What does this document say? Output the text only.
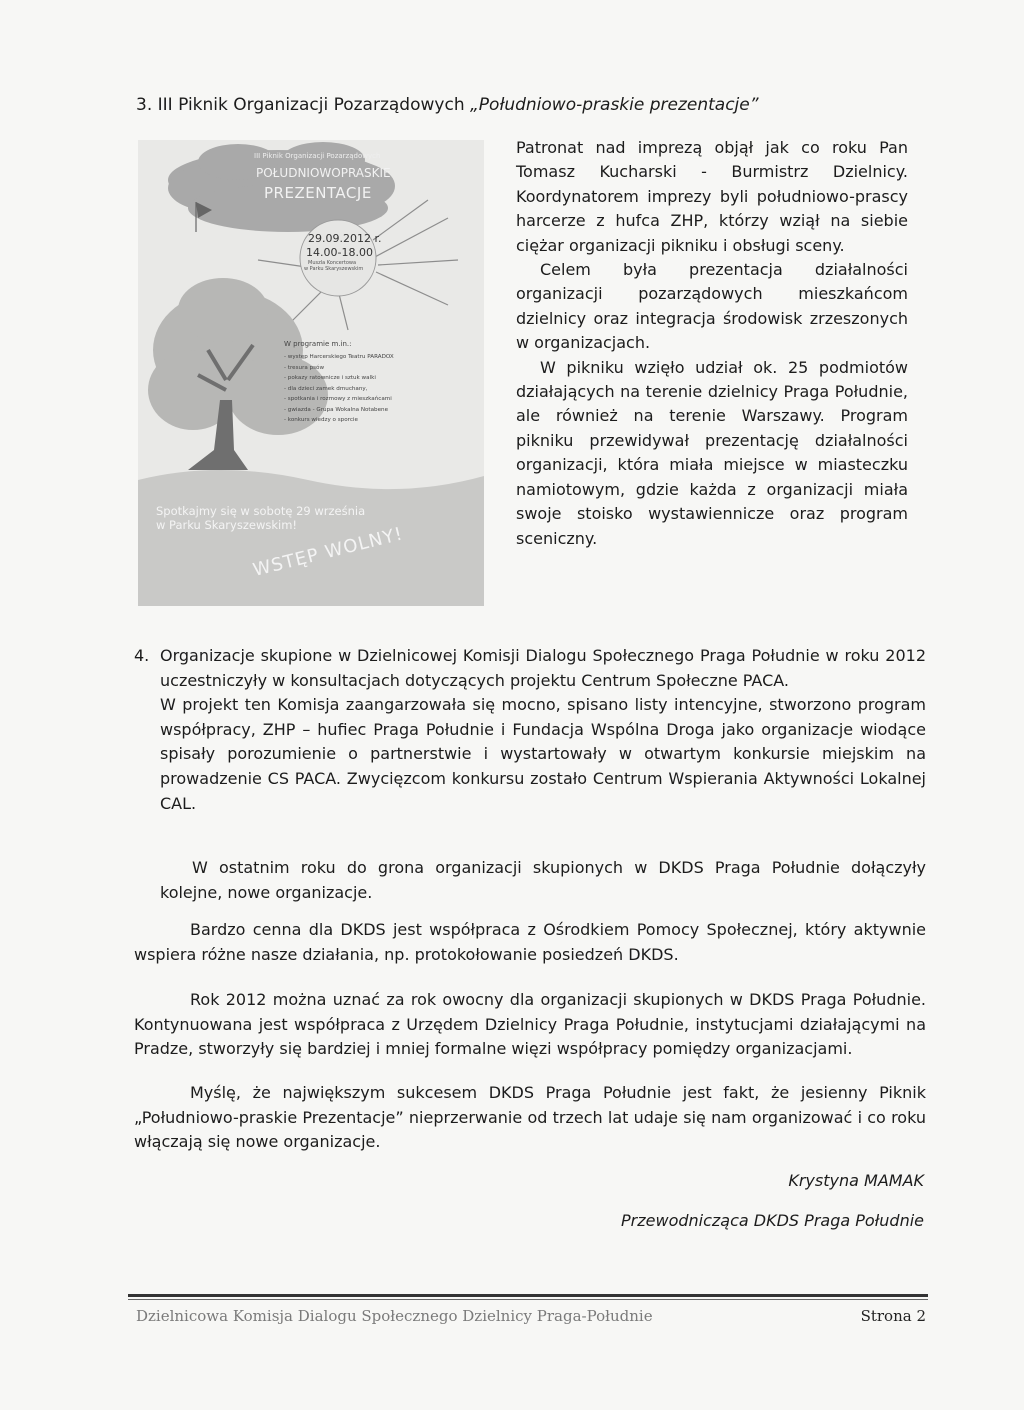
3. III Piknik Organizacji Pozarządowych „Południowo-praskie prezentacje”
III Piknik Organizacji Pozarządowych
POŁUDNIOWOPRASKIE
PREZENTACJE
29.09.2012 r.
14.00-18.00
Muszla Koncertowa
w Parku Skaryszewskim
W programie m.in.:
- występ Harcerskiego Teatru PARADOX
- tresura psów
- pokazy ratownicze i sztuk walki
- dla dzieci zamek dmuchany,
- spotkania i rozmowy z mieszkańcami
- gwiazda - Grupa Wokalna Notabene
- konkurs wiedzy o sporcie
Spotkajmy się w sobotę 29 września
w Parku Skaryszewskim!
WSTĘP WOLNY!

Patronat nad imprezą objął jak co roku Pan Tomasz Kucharski - Burmistrz Dzielnicy. Koordynatorem imprezy byli południowo-prascy harcerze z hufca ZHP, którzy wziął na siebie ciężar organizacji pikniku i obsługi sceny.

Celem była prezentacja działalności organizacji pozarządowych mieszkańcom dzielnicy oraz integracja środowisk zrzeszonych w organizacjach.

W pikniku wzięło udział ok. 25 podmiotów działających na terenie dzielnicy Praga Południe, ale również na terenie Warszawy. Program pikniku przewidywał prezentację działalności organizacji, która miała miejsce w miasteczku namiotowym, gdzie każda z organizacji miała swoje stoisko wystawiennicze oraz program sceniczny.

4. Organizacje skupione w Dzielnicowej Komisji Dialogu Społecznego Praga Południe w roku 2012 uczestniczyły w konsultacjach dotyczących projektu Centrum Społeczne PACA.
W projekt ten Komisja zaangarzowała się mocno, spisano listy intencyjne, stworzono program współpracy, ZHP – hufiec Praga Południe i Fundacja Wspólna Droga jako organizacje wiodące spisały porozumienie o partnerstwie i wystartowały w otwartym konkursie miejskim na prowadzenie CS PACA. Zwycięzcom konkursu zostało Centrum Wspierania Aktywności Lokalnej CAL.

W ostatnim roku do grona organizacji skupionych w DKDS Praga Południe dołączyły kolejne, nowe organizacje.

Bardzo cenna dla DKDS jest współpraca z Ośrodkiem Pomocy Społecznej, który aktywnie wspiera różne nasze działania, np. protokołowanie posiedzeń DKDS.

Rok 2012 można uznać za rok owocny dla organizacji skupionych w DKDS Praga Południe. Kontynuowana jest współpraca z Urzędem Dzielnicy Praga Południe, instytucjami działającymi na Pradze, stworzyły się bardziej i mniej formalne więzi współpracy pomiędzy organizacjami.

Myślę, że największym sukcesem DKDS Praga Południe jest fakt, że jesienny Piknik „Południowo-praskie Prezentacje” nieprzerwanie od trzech lat udaje się nam organizować i co roku włączają się nowe organizacje.

Krystyna MAMAK
Przewodnicząca DKDS Praga Południe
Dzielnicowa Komisja Dialogu Społecznego Dzielnicy Praga-Południe	Strona 2
